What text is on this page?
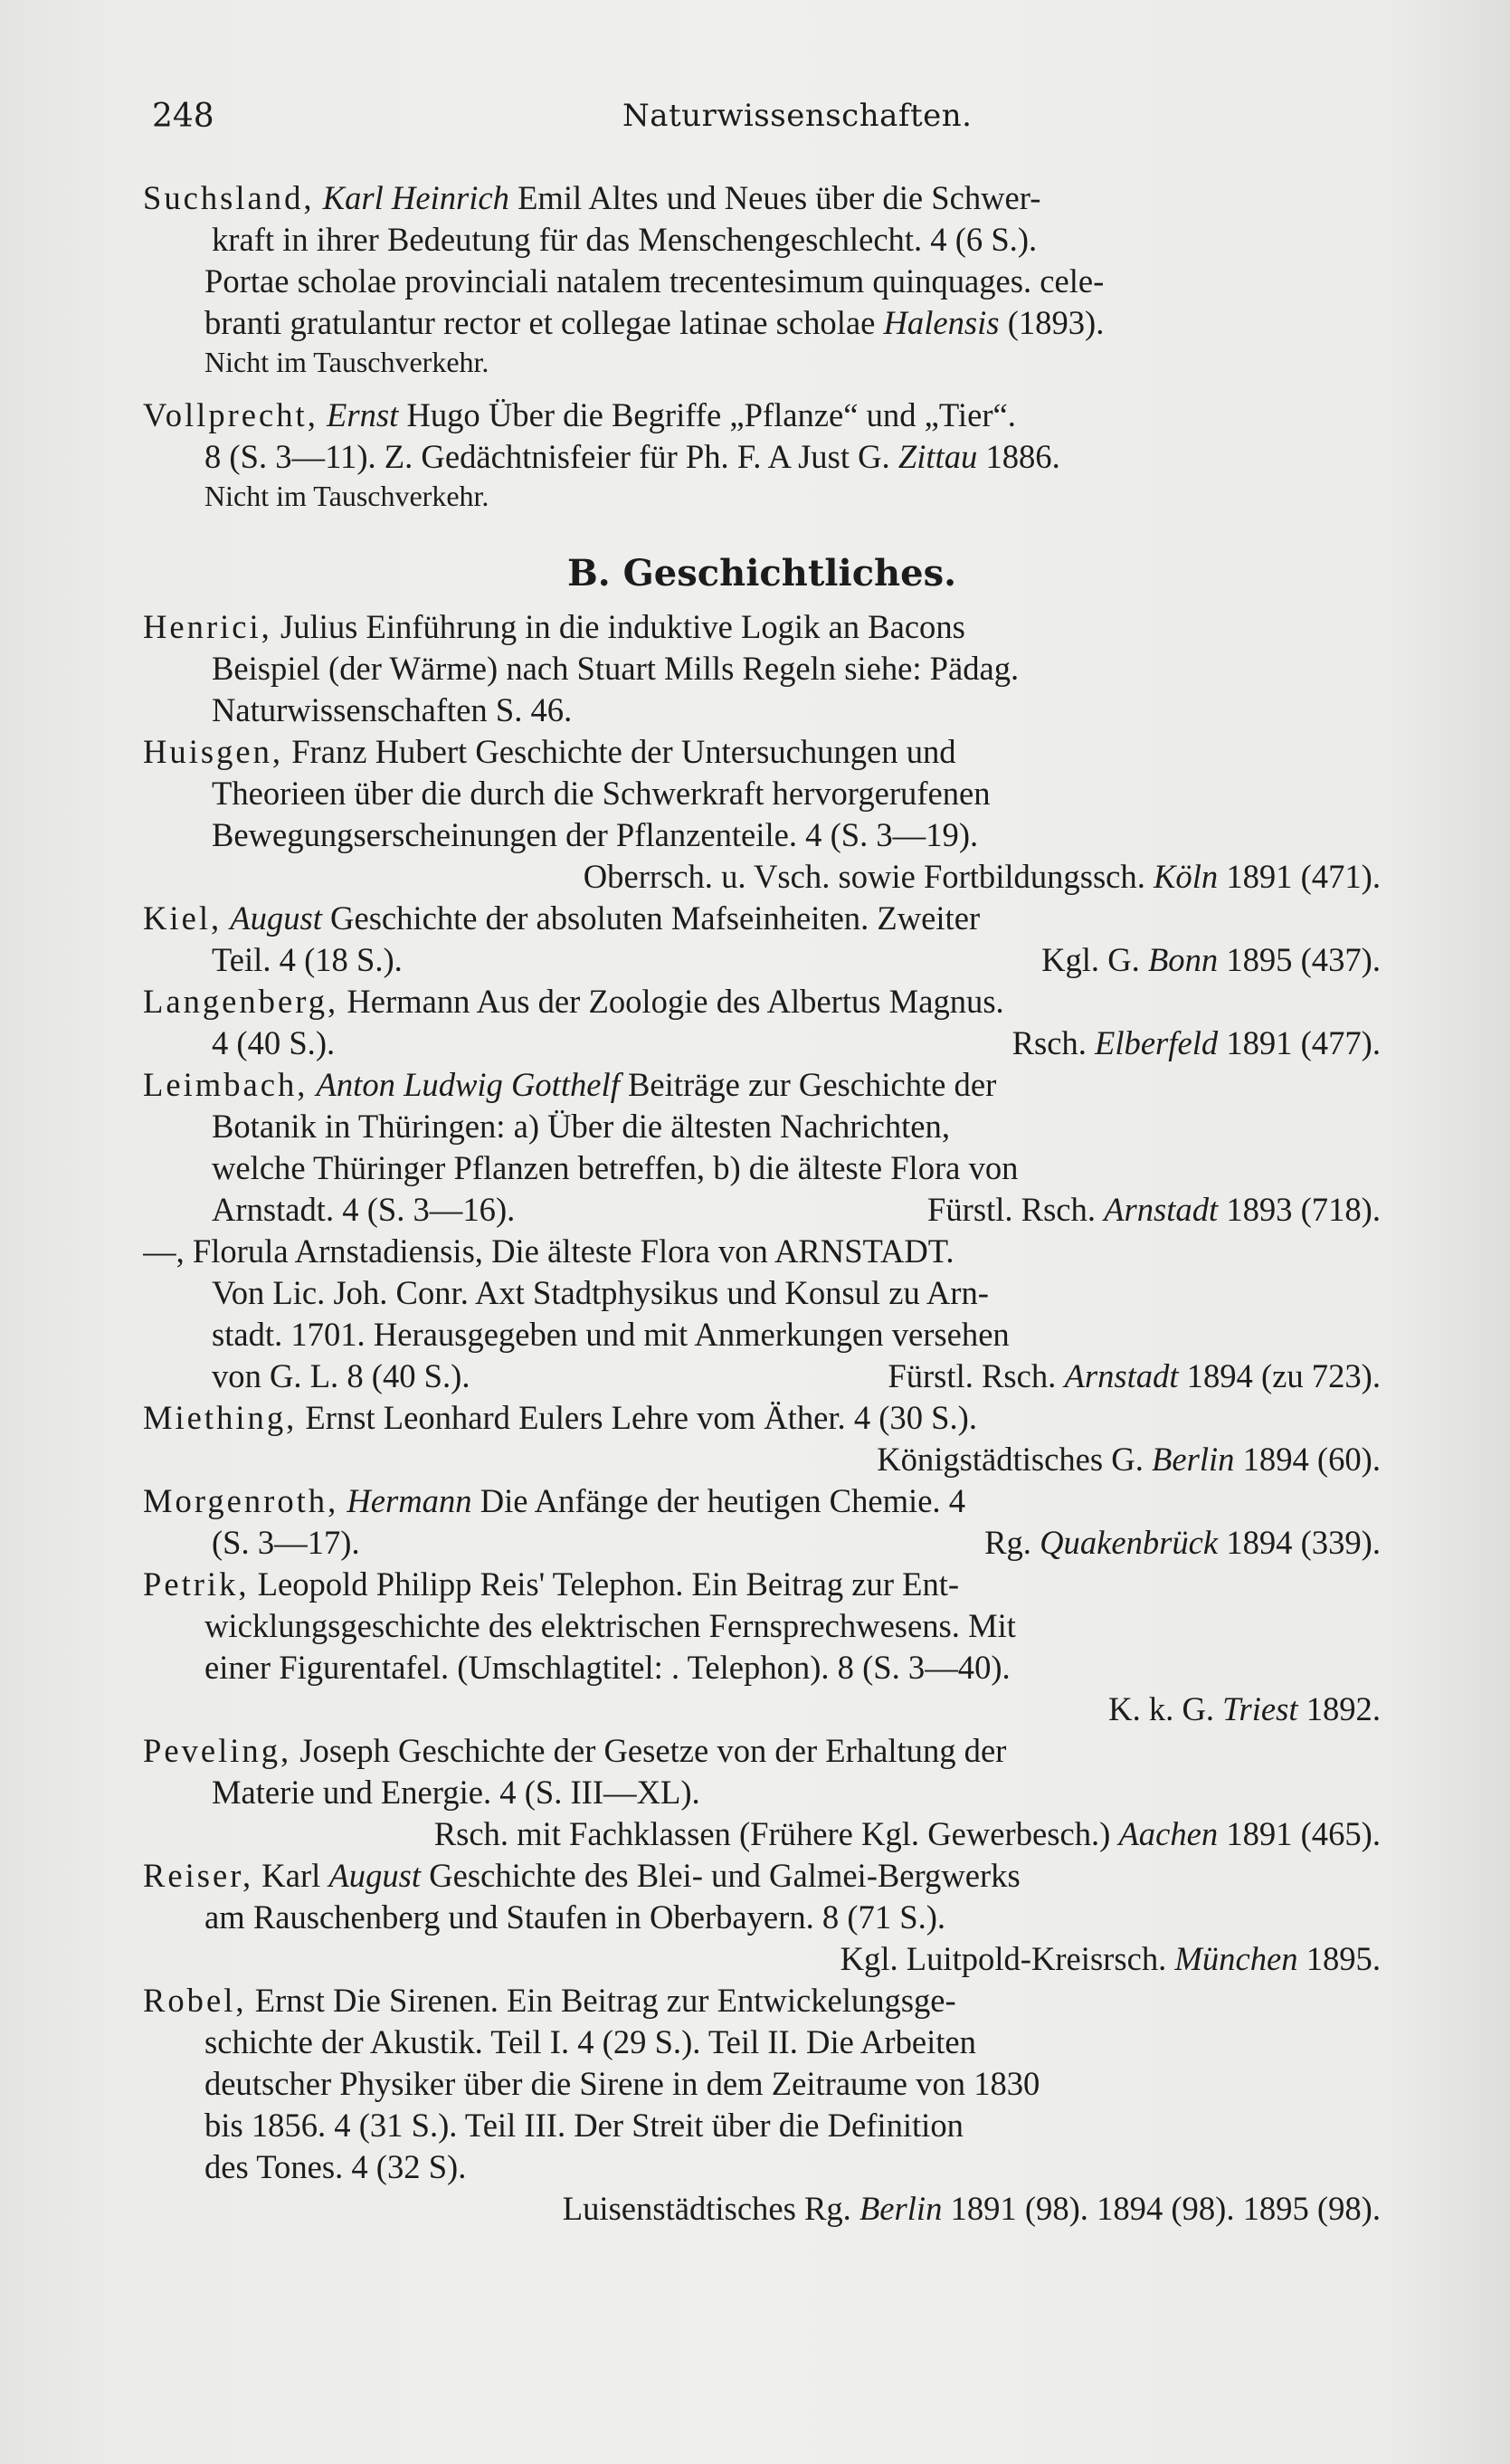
248	Naturwissenschaften.
Suchsland, Karl Heinrich Emil Altes und Neues über die Schwer-
kraft in ihrer Bedeutung für das Menschengeschlecht. 4 (6 S.).
Portae scholae provinciali natalem trecentesimum quinquages. cele-
branti gratulantur rector et collegae latinae scholae Halensis (1893).
Nicht im Tauschverkehr.
Vollprecht, Ernst Hugo Über die Begriffe „Pflanze“ und „Tier“.
8 (S. 3—11). Z. Gedächtnisfeier für Ph. F. A Just G. Zittau 1886.
Nicht im Tauschverkehr.
B. Geschichtliches.
Henrici, Julius Einführung in die induktive Logik an Bacons
Beispiel (der Wärme) nach Stuart Mills Regeln siehe: Pädag.
Naturwissenschaften S. 46.
Huisgen, Franz Hubert Geschichte der Untersuchungen und
Theorieen über die durch die Schwerkraft hervorgerufenen
Bewegungserscheinungen der Pflanzenteile. 4 (S. 3—19).
Oberrsch. u. Vsch. sowie Fortbildungssch. Köln 1891 (471).
Kiel, August Geschichte der absoluten Mafseinheiten. Zweiter
Teil. 4 (18 S.).	Kgl. G. Bonn 1895 (437).
Langenberg, Hermann Aus der Zoologie des Albertus Magnus.
4 (40 S.).	Rsch. Elberfeld 1891 (477).
Leimbach, Anton Ludwig Gotthelf Beiträge zur Geschichte der
Botanik in Thüringen: a) Über die ältesten Nachrichten,
welche Thüringer Pflanzen betreffen, b) die älteste Flora von
Arnstadt. 4 (S. 3—16).	Fürstl. Rsch. Arnstadt 1893 (718).
—, Florula Arnstadiensis, Die älteste Flora von ARNSTADT.
Von Lic. Joh. Conr. Axt Stadtphysikus und Konsul zu Arn-
stadt. 1701. Herausgegeben und mit Anmerkungen versehen
von G. L. 8 (40 S.).	Fürstl. Rsch. Arnstadt 1894 (zu 723).
Miething, Ernst Leonhard Eulers Lehre vom Äther. 4 (30 S.).
Königstädtisches G. Berlin 1894 (60).
Morgenroth, Hermann Die Anfänge der heutigen Chemie. 4
(S. 3—17).	Rg. Quakenbrück 1894 (339).
Petrik, Leopold Philipp Reis' Telephon. Ein Beitrag zur Ent-
wicklungsgeschichte des elektrischen Fernsprechwesens. Mit
einer Figurentafel. (Umschlagtitel: . Telephon). 8 (S. 3—40).
K. k. G. Triest 1892.
Peveling, Joseph Geschichte der Gesetze von der Erhaltung der
Materie und Energie. 4 (S. III—XL).
Rsch. mit Fachklassen (Frühere Kgl. Gewerbesch.) Aachen 1891 (465).
Reiser, Karl August Geschichte des Blei- und Galmei-Bergwerks
am Rauschenberg und Staufen in Oberbayern. 8 (71 S.).
Kgl. Luitpold-Kreisrsch. München 1895.
Robel, Ernst Die Sirenen. Ein Beitrag zur Entwickelungsge-
schichte der Akustik. Teil I. 4 (29 S.). Teil II. Die Arbeiten
deutscher Physiker über die Sirene in dem Zeitraume von 1830
bis 1856. 4 (31 S.). Teil III. Der Streit über die Definition
des Tones. 4 (32 S).
Luisenstädtisches Rg. Berlin 1891 (98). 1894 (98). 1895 (98).
